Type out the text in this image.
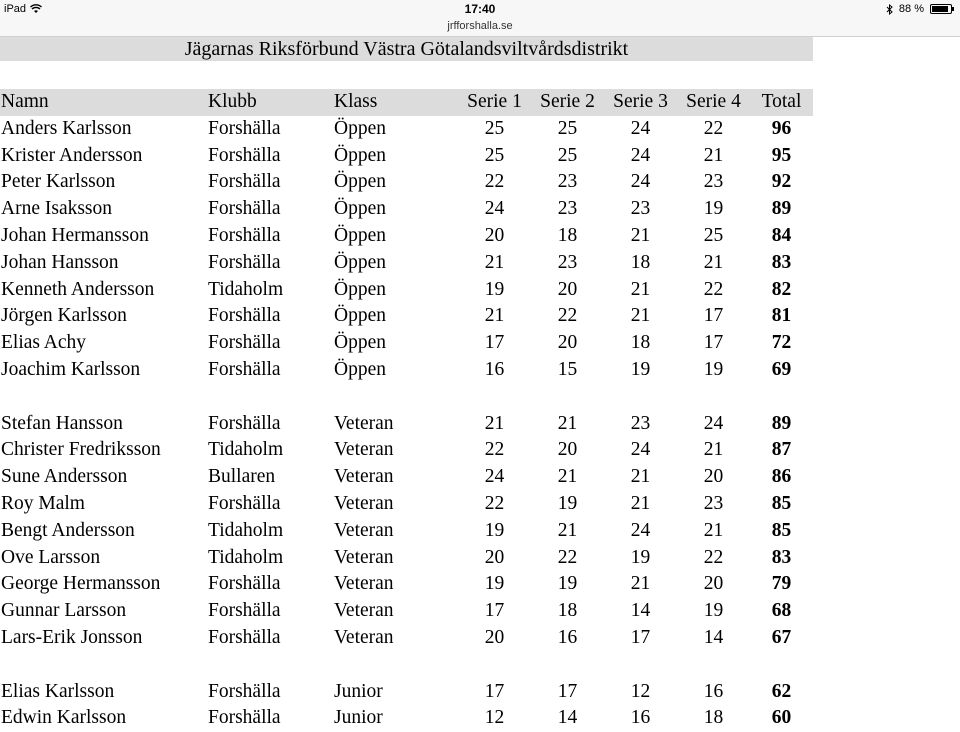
iPad	17:40	88 %
jrfforshalla.se
Jägarnas Riksförbund Västra Götalandsviltvårdsdistrikt
Namn	Klubb	Klass	Serie 1	Serie 2	Serie 3	Serie 4	Total
Anders Karlsson	Forshälla	Öppen	25	25	24	22	96
Krister Andersson	Forshälla	Öppen	25	25	24	21	95
Peter Karlsson	Forshälla	Öppen	22	23	24	23	92
Arne Isaksson	Forshälla	Öppen	24	23	23	19	89
Johan Hermansson	Forshälla	Öppen	20	18	21	25	84
Johan Hansson	Forshälla	Öppen	21	23	18	21	83
Kenneth Andersson	Tidaholm	Öppen	19	20	21	22	82
Jörgen Karlsson	Forshälla	Öppen	21	22	21	17	81
Elias Achy	Forshälla	Öppen	17	20	18	17	72
Joachim Karlsson	Forshälla	Öppen	16	15	19	19	69

Stefan Hansson	Forshälla	Veteran	21	21	23	24	89
Christer Fredriksson	Tidaholm	Veteran	22	20	24	21	87
Sune Andersson	Bullaren	Veteran	24	21	21	20	86
Roy Malm	Forshälla	Veteran	22	19	21	23	85
Bengt Andersson	Tidaholm	Veteran	19	21	24	21	85
Ove Larsson	Tidaholm	Veteran	20	22	19	22	83
George Hermansson	Forshälla	Veteran	19	19	21	20	79
Gunnar Larsson	Forshälla	Veteran	17	18	14	19	68
Lars-Erik Jonsson	Forshälla	Veteran	20	16	17	14	67

Elias Karlsson	Forshälla	Junior	17	17	12	16	62
Edwin Karlsson	Forshälla	Junior	12	14	16	18	60
